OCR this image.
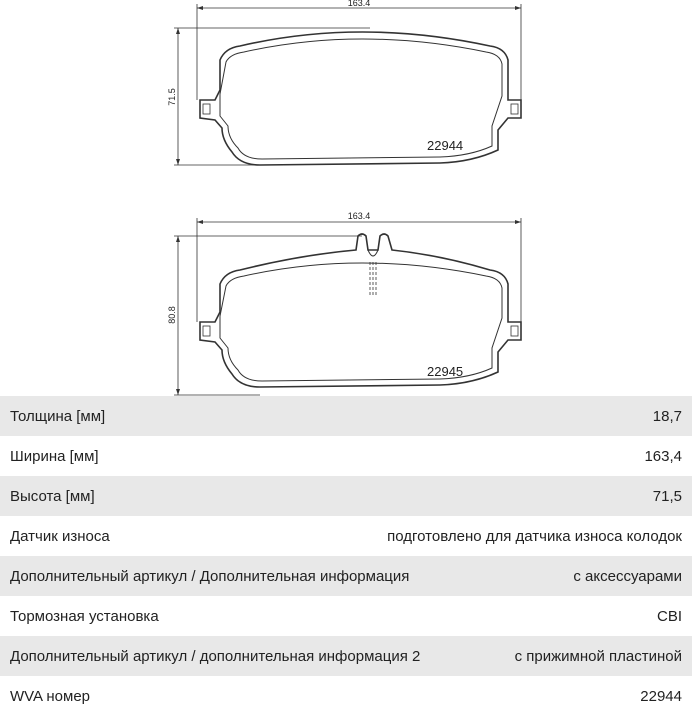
163.4
71.5
22944
163.4
80.8
22945
Толщина [мм]	18,7
Ширина [мм]	163,4
Высота [мм]	71,5
Датчик износа	подготовлено для датчика износа колодок
Дополнительный артикул / Дополнительная информация	с аксессуарами
Тормозная установка	CBI
Дополнительный артикул / дополнительная информация 2	с прижимной пластиной
WVA номер	22944
